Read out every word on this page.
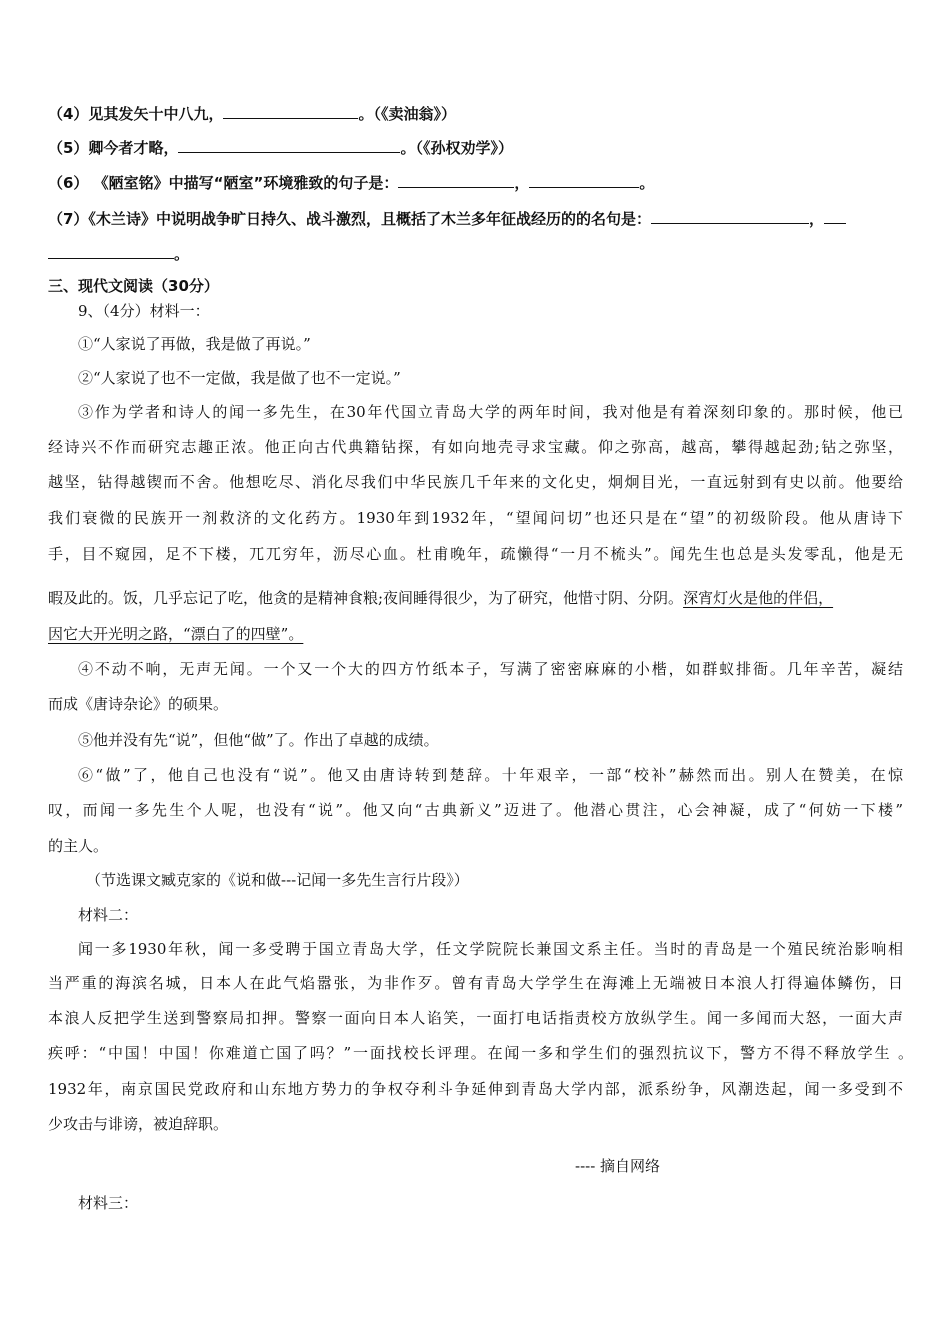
（4）见其发矢十中八九，	。（《卖油翁》）
（5）卿今者才略，	。（《孙权劝学》）
（6） 《陋室铭》中描写“陋室”环境雅致的句子是：	，	。
（7）《木兰诗》中说明战争旷日持久、战斗激烈，且概括了木兰多年征战经历的的名句是：	，
。
三、现代文阅读（30分）
9、（4分）材料一：
①“人家说了再做，我是做了再说。”
②“人家说了也不一定做，我是做了也不一定说。”
③作为学者和诗人的闻一多先生，在30年代国立青岛大学的两年时间，我对他是有着深刻印象的。那时候，他已
经诗兴不作而研究志趣正浓。他正向古代典籍钻探，有如向地壳寻求宝藏。仰之弥高，越高，攀得越起劲;钻之弥坚，
越坚，钻得越锲而不舍。他想吃尽、消化尽我们中华民族几千年来的文化史，炯炯目光，一直远射到有史以前。他要给
我们衰微的民族开一剂救济的文化药方。1930年到1932年，“望闻问切”也还只是在“望”的初级阶段。他从唐诗下
手，目不窥园，足不下楼，兀兀穷年，沥尽心血。杜甫晚年，疏懒得“一月不梳头”。闻先生也总是头发零乱，他是无
暇及此的。饭，几乎忘记了吃，他贪的是精神食粮;夜间睡得很少，为了研究，他惜寸阴、分阴。深宵灯火是他的伴侣，
因它大开光明之路，“漂白了的四壁”。
④不动不响，无声无闻。一个又一个大的四方竹纸本子，写满了密密麻麻的小楷，如群蚁排衙。几年辛苦，凝结
而成《唐诗杂论》的硕果。
⑤他并没有先“说”，但他“做”了。作出了卓越的成绩。
⑥“做”了，他自己也没有“说”。他又由唐诗转到楚辞。十年艰辛，一部“校补”赫然而出。别人在赞美，在惊
叹，而闻一多先生个人呢，也没有“说”。他又向“古典新义”迈进了。他潜心贯注，心会神凝，成了“何妨一下楼”
的主人。
（节选课文臧克家的《说和做---记闻一多先生言行片段》）
材料二：
闻一多1930年秋，闻一多受聘于国立青岛大学，任文学院院长兼国文系主任。当时的青岛是一个殖民统治影响相
当严重的海滨名城，日本人在此气焰嚣张，为非作歹。曾有青岛大学学生在海滩上无端被日本浪人打得遍体鳞伤，日
本浪人反把学生送到警察局扣押。警察一面向日本人谄笑，一面打电话指责校方放纵学生。闻一多闻而大怒，一面大声
疾呼：“中国！中国！你难道亡国了吗？”一面找校长评理。在闻一多和学生们的强烈抗议下，警方不得不释放学生 。
1932年，南京国民党政府和山东地方势力的争权夺利斗争延伸到青岛大学内部，派系纷争，风潮迭起，闻一多受到不
少攻击与诽谤，被迫辞职。
---- 摘自网络
材料三：
